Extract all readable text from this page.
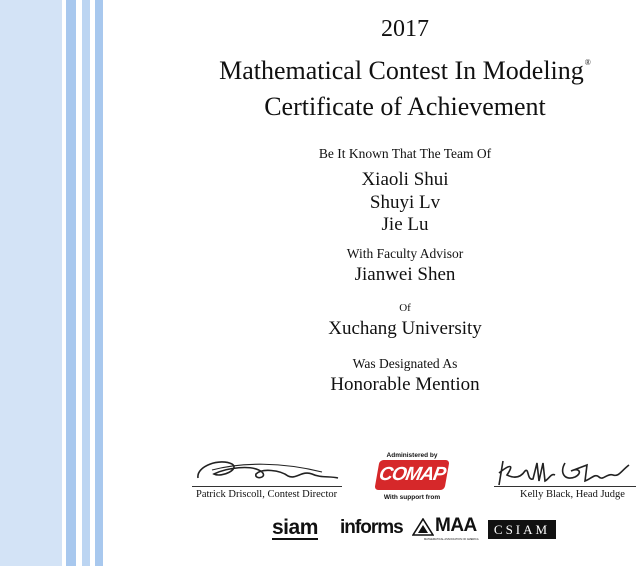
2017
Mathematical Contest In Modeling®
Certificate of Achievement
Be It Known That The Team Of
Xiaoli Shui
Shuyi Lv
Jie Lu
With Faculty Advisor
Jianwei Shen
Of
Xuchang University
Was Designated As
Honorable Mention
Patrick Driscoll, Contest Director	Kelly Black, Head Judge
Administered by
COMAP
With support from
siam informs MAA
MATHEMATICAL ASSOCIATION OF AMERICA
CSIAM
